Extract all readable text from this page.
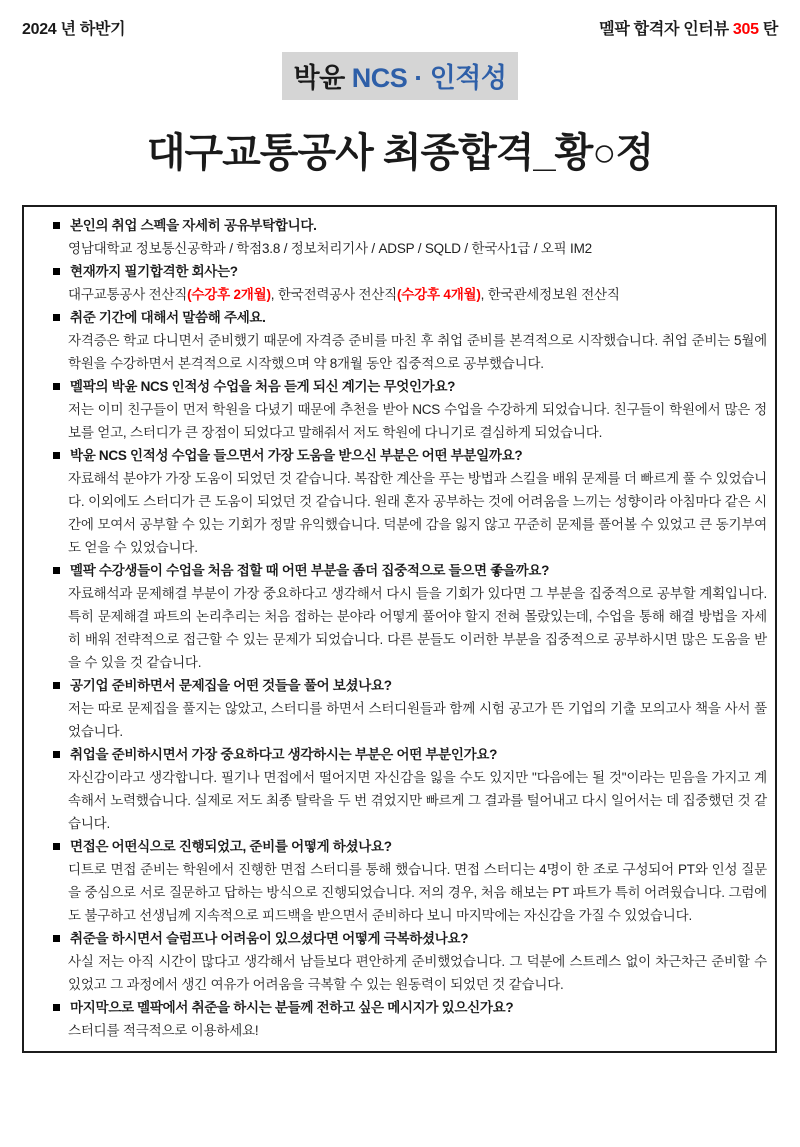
2024 년 하반기	멜팍 합격자 인터뷰 305 탄
박윤 NCS · 인적성
대구교통공사 최종합격_황○정
본인의 취업 스펙을 자세히 공유부탁합니다.
영남대학교 정보통신공학과 / 학점3.8 / 정보처리기사 / ADSP / SQLD / 한국사1급 / 오픽 IM2
현재까지 필기합격한 회사는?
대구교통공사 전산직(수강후 2개월), 한국전력공사 전산직(수강후 4개월), 한국관세정보원 전산직
취준 기간에 대해서 말씀해 주세요.
자격증은 학교 다니면서 준비했기 때문에 자격증 준비를 마친 후 취업 준비를 본격적으로 시작했습니다. 취업 준비는 5월에 학원을 수강하면서 본격적으로 시작했으며 약 8개월 동안 집중적으로 공부했습니다.
멜팍의 박윤 NCS 인적성 수업을 처음 듣게 되신 계기는 무엇인가요?
저는 이미 친구들이 먼저 학원을 다녔기 때문에 추천을 받아 NCS 수업을 수강하게 되었습니다. 친구들이 학원에서 많은 정보를 얻고, 스터디가 큰 장점이 되었다고 말해줘서 저도 학원에 다니기로 결심하게 되었습니다.
박윤 NCS 인적성 수업을 들으면서 가장 도움을 받으신 부분은 어떤 부분일까요?
자료해석 분야가 가장 도움이 되었던 것 같습니다. 복잡한 계산을 푸는 방법과 스킬을 배워 문제를 더 빠르게 풀 수 있었습니다. 이외에도 스터디가 큰 도움이 되었던 것 같습니다. 원래 혼자 공부하는 것에 어려움을 느끼는 성향이라 아침마다 같은 시간에 모여서 공부할 수 있는 기회가 정말 유익했습니다. 덕분에 감을 잃지 않고 꾸준히 문제를 풀어볼 수 있었고 큰 동기부여도 얻을 수 있었습니다.
멜팍 수강생들이 수업을 처음 접할 때 어떤 부분을 좀더 집중적으로 들으면 좋을까요?
자료해석과 문제해결 부분이 가장 중요하다고 생각해서 다시 들을 기회가 있다면 그 부분을 집중적으로 공부할 계획입니다. 특히 문제해결 파트의 논리추리는 처음 접하는 분야라 어떻게 풀어야 할지 전혀 몰랐있는데, 수업을 통해 해결 방법을 자세히 배워 전략적으로 접근할 수 있는 문제가 되었습니다. 다른 분들도 이러한 부분을 집중적으로 공부하시면 많은 도움을 받을 수 있을 것 같습니다.
공기업 준비하면서 문제집을 어떤 것들을 풀어 보셨나요?
저는 따로 문제집을 풀지는 않았고, 스터디를 하면서 스터디원들과 함께 시험 공고가 뜬 기업의 기출 모의고사 책을 사서 풀었습니다.
취업을 준비하시면서 가장 중요하다고 생각하시는 부분은 어떤 부분인가요?
자신감이라고 생각합니다. 필기나 면접에서 떨어지면 자신감을 잃을 수도 있지만 "다음에는 될 것"이라는 믿음을 가지고 계속해서 노력했습니다. 실제로 저도 최종 탈락을 두 번 겪었지만 빠르게 그 결과를 털어내고 다시 일어서는 데 집중했던 것 같습니다.
면접은 어떤식으로 진행되었고, 준비를 어떻게 하셨나요?
디트로 면접 준비는 학원에서 진행한 면접 스터디를 통해 했습니다. 면접 스터디는 4명이 한 조로 구성되어 PT와 인성 질문을 중심으로 서로 질문하고 답하는 방식으로 진행되었습니다. 저의 경우, 처음 해보는 PT 파트가 특히 어려웠습니다. 그럼에도 불구하고 선생님께 지속적으로 피드백을 받으면서 준비하다 보니 마지막에는 자신감을 가질 수 있었습니다.
취준을 하시면서 슬럼프나 어려움이 있으셨다면 어떻게 극복하셨나요?
사실 저는 아직 시간이 많다고 생각해서 남들보다 편안하게 준비했었습니다. 그 덕분에 스트레스 없이 차근차근 준비할 수 있었고 그 과정에서 생긴 여유가 어려움을 극복할 수 있는 원동력이 되었던 것 같습니다.
마지막으로 멜팍에서 취준을 하시는 분들께 전하고 싶은 메시지가 있으신가요?
스터디를 적극적으로 이용하세요!
